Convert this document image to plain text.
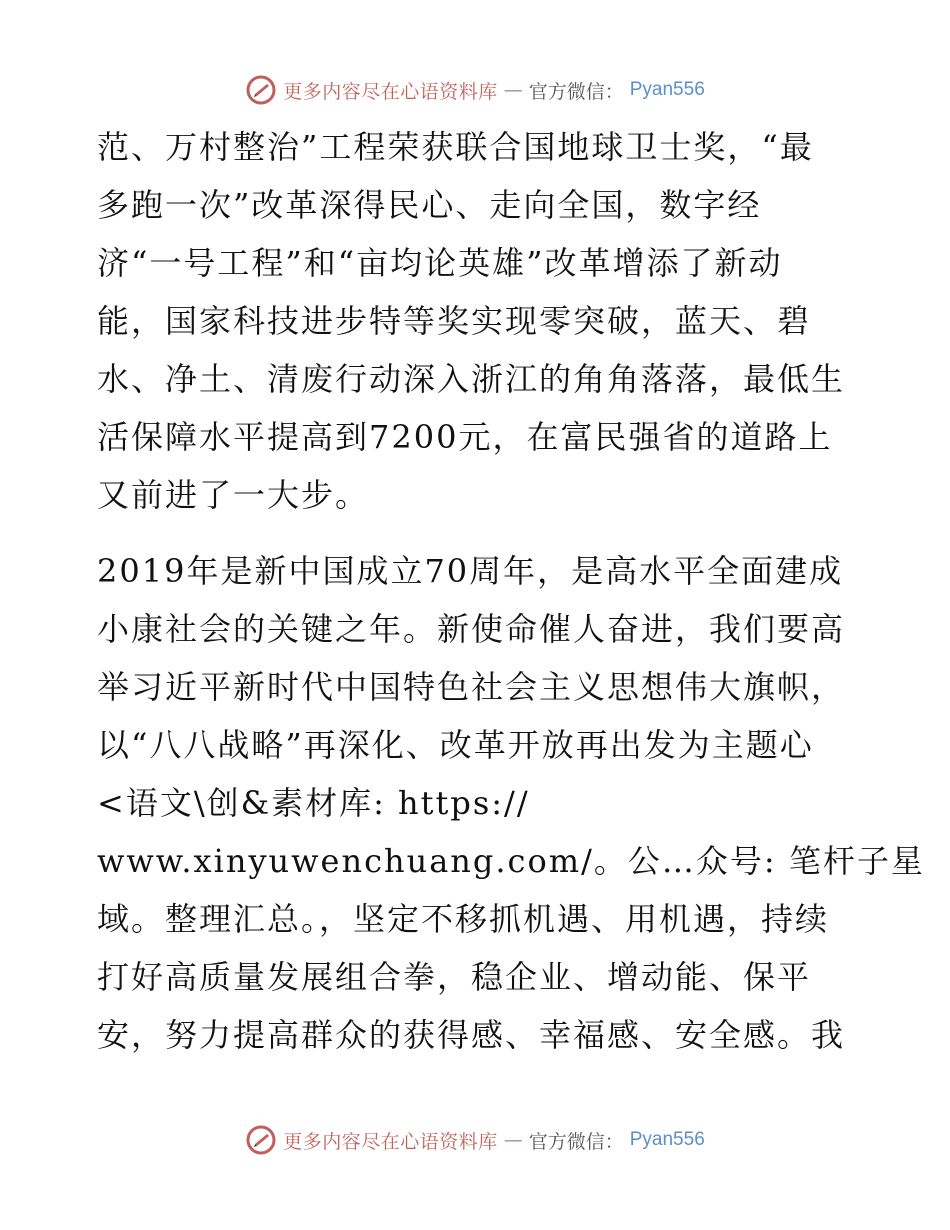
更多内容尽在心语资料库 — 官方微信： Pyan556
范、万村整治”工程荣获联合国地球卫士奖，“最
多跑一次”改革深得民心、走向全国，数字经
济“一号工程”和“亩均论英雄”改革增添了新动
能，国家科技进步特等奖实现零突破，蓝天、碧
水、净土、清废行动深入浙江的角角落落，最低生
活保障水平提高到7200元，在富民强省的道路上
又前进了一大步。
2019年是新中国成立70周年，是高水平全面建成
小康社会的关键之年。新使命催人奋进，我们要高
举习近平新时代中国特色社会主义思想伟大旗帜，
以“八八战略”再深化、改革开放再出发为主题心
<语文\创&素材库: https://
www.xinyuwenchuang.com/。公…众号: 笔杆子星
域。整理汇总。，坚定不移抓机遇、用机遇，持续
打好高质量发展组合拳，稳企业、增动能、保平
安，努力提高群众的获得感、幸福感、安全感。我
更多内容尽在心语资料库 — 官方微信： Pyan556
